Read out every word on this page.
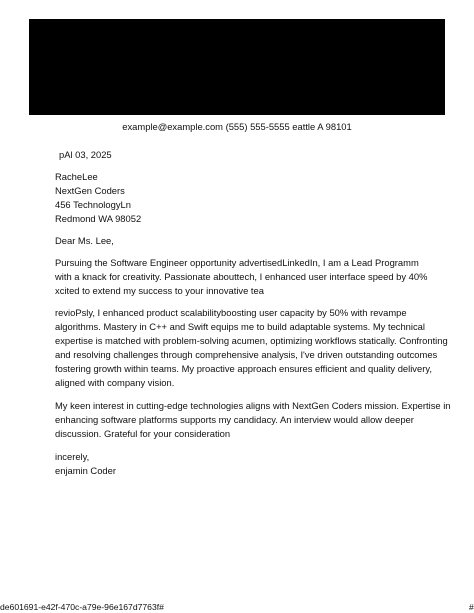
example@example.com (555) 555-5555 eattle A 98101
pAl 03, 2025
RacheLee
NextGen Coders
456 TechnologyLn
Redmond WA 98052
Dear Ms. Lee,
Pursuing the Software Engineer opportunity advertisedLinkedIn, I am a Lead Programm
with a knack for creativity. Passionate abouttech, I enhanced user interface speed by 40%
xcited to extend my success to your innovative tea
revioPsly, I enhanced product scalabilityboosting user capacity by 50% with revampe
algorithms. Mastery in C++ and Swift equips me to build adaptable systems. My technical
expertise is matched with problem-solving acumen, optimizing workflows statically. Confronting
and resolving challenges through comprehensive analysis, I've driven outstanding outcomes
fostering growth within teams. My proactive approach ensures efficient and quality delivery,
aligned with company vision.
My keen interest in cutting-edge technologies aligns with NextGen Coders mission. Expertise in
enhancing software platforms supports my candidacy. An interview would allow deeper
discussion. Grateful for your consideration
incerely,
enjamin Coder
de601691-e42f-470c-a79e-96e167d7763f#	#
